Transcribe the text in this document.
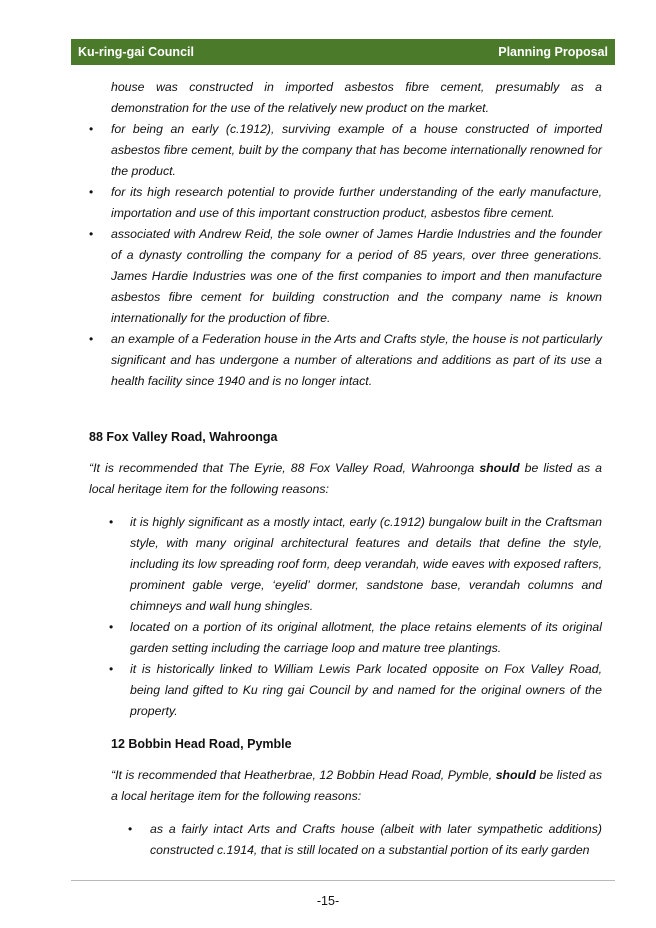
Ku-ring-gai Council	Planning Proposal

house was constructed in imported asbestos fibre cement, presumably as a demonstration for the use of the relatively new product on the market.

• for being an early (c.1912), surviving example of a house constructed of imported asbestos fibre cement, built by the company that has become internationally renowned for the product.
• for its high research potential to provide further understanding of the early manufacture, importation and use of this important construction product, asbestos fibre cement.
• associated with Andrew Reid, the sole owner of James Hardie Industries and the founder of a dynasty controlling the company for a period of 85 years, over three generations. James Hardie Industries was one of the first companies to import and then manufacture asbestos fibre cement for building construction and the company name is known internationally for the production of fibre.
• an example of a Federation house in the Arts and Crafts style, the house is not particularly significant and has undergone a number of alterations and additions as part of its use a health facility since 1940 and is no longer intact.
88 Fox Valley Road, Wahroonga
“It is recommended that The Eyrie, 88 Fox Valley Road, Wahroonga should be listed as a local heritage item for the following reasons:
• it is highly significant as a mostly intact, early (c.1912) bungalow built in the Craftsman style, with many original architectural features and details that define the style, including its low spreading roof form, deep verandah, wide eaves with exposed rafters, prominent gable verge, ‘eyelid’ dormer, sandstone base, verandah columns and chimneys and wall hung shingles.
• located on a portion of its original allotment, the place retains elements of its original garden setting including the carriage loop and mature tree plantings.
• it is historically linked to William Lewis Park located opposite on Fox Valley Road, being land gifted to Ku ring gai Council by and named for the original owners of the property.
12 Bobbin Head Road, Pymble
“It is recommended that Heatherbrae, 12 Bobbin Head Road, Pymble, should be listed as a local heritage item for the following reasons:
• as a fairly intact Arts and Crafts house (albeit with later sympathetic additions) constructed c.1914, that is still located on a substantial portion of its early garden
-15-
